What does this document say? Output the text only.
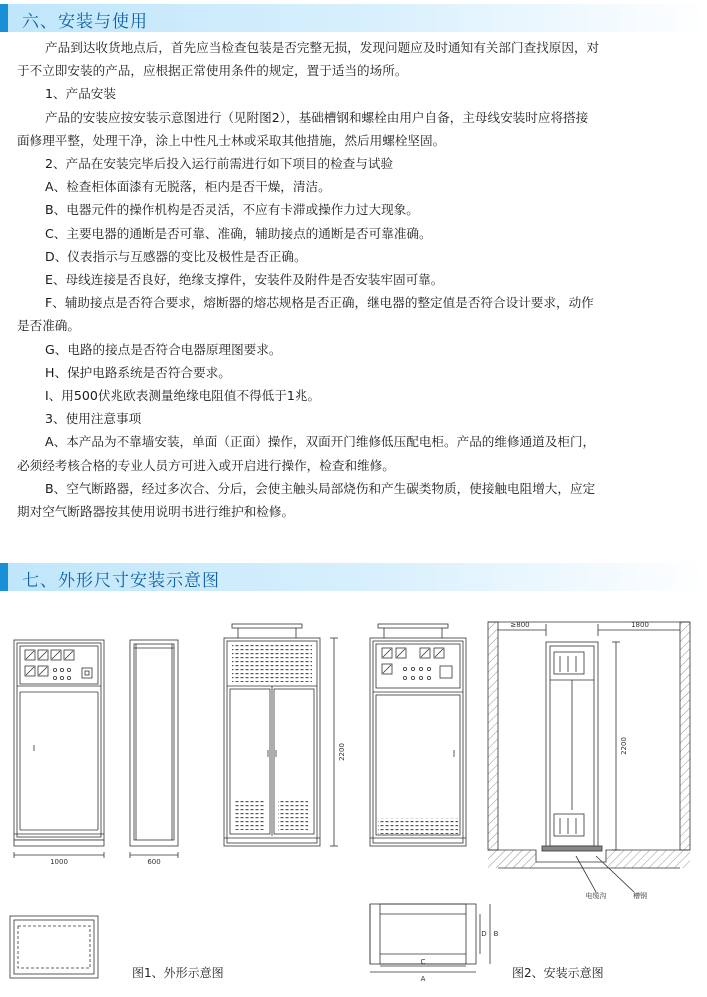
六、安装与使用

产品到达收货地点后，首先应当检查包装是否完整无损，发现问题应及时通知有关部门查找原因，对

于不立即安装的产品，应根据正常使用条件的规定，置于适当的场所。

1、产品安装

产品的安装应按安装示意图进行（见附图2），基础槽钢和螺栓由用户自备，主母线安装时应将搭接

面修理平整，处理干净，涂上中性凡士林或采取其他措施，然后用螺栓坚固。

2、产品在安装完毕后投入运行前需进行如下项目的检查与试验

A、检查柜体面漆有无脱落，柜内是否干燥，清洁。

B、电器元件的操作机构是否灵活，不应有卡滞或操作力过大现象。

C、主要电器的通断是否可靠、准确，辅助接点的通断是否可靠准确。

D、仪表指示与互感器的变比及极性是否正确。

E、母线连接是否良好，绝缘支撑件，安装件及附件是否安装牢固可靠。

F、辅助接点是否符合要求，熔断器的熔芯规格是否正确，继电器的整定值是否符合设计要求，动作

是否准确。

G、电路的接点是否符合电器原理图要求。

H、保护电路系统是否符合要求。

I、用500伏兆欧表测量绝缘电阻值不得低于1兆。

3、使用注意事项

A、本产品为不靠墙安装，单面（正面）操作，双面开门维修低压配电柜。产品的维修通道及柜门，

必须经考核合格的专业人员方可进入或开启进行操作，检查和维修。

B、空气断路器，经过多次合、分后，会使主触头局部烧伤和产生碳类物质，使接触电阻增大，应定

期对空气断路器按其使用说明书进行维护和检修。

七、外形尺寸安装示意图
1000	600
2200
≥800	1800
2200
电缆沟	槽钢
A
C
D B
图1、外形示意图	图2、安装示意图
